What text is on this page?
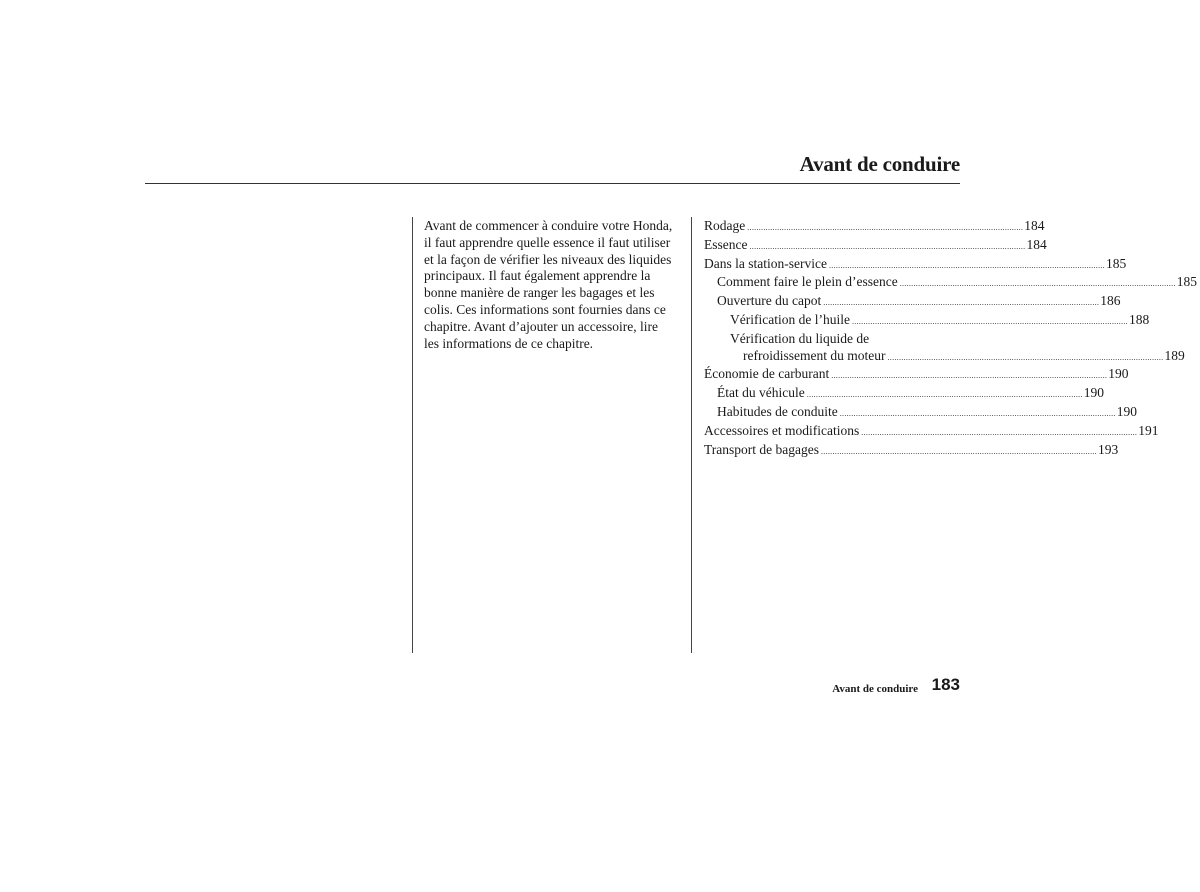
Avant de conduire
Avant de commencer à conduire votre Honda,
il faut apprendre quelle essence il faut utiliser
et la façon de vérifier les niveaux des liquides
principaux. Il faut également apprendre la
bonne manière de ranger les bagages et les
colis. Ces informations sont fournies dans ce
chapitre. Avant d’ajouter un accessoire, lire
les informations de ce chapitre.
Rodage ........................................................................................................................ 184
Essence ........................................................................................................................ 184
Dans la station-service ........................................................................................................................ 185
Comment faire le plein d’essence ........................................................................................................................ 185
Ouverture du capot ........................................................................................................................ 186
Vérification de l’huile ........................................................................................................................ 188
Vérification du liquide de
refroidissement du moteur ........................................................................................................................ 189
Économie de carburant ........................................................................................................................ 190
État du véhicule ........................................................................................................................ 190
Habitudes de conduite ........................................................................................................................ 190
Accessoires et modifications ........................................................................................................................ 191
Transport de bagages ........................................................................................................................ 193
Avant de conduire 183
